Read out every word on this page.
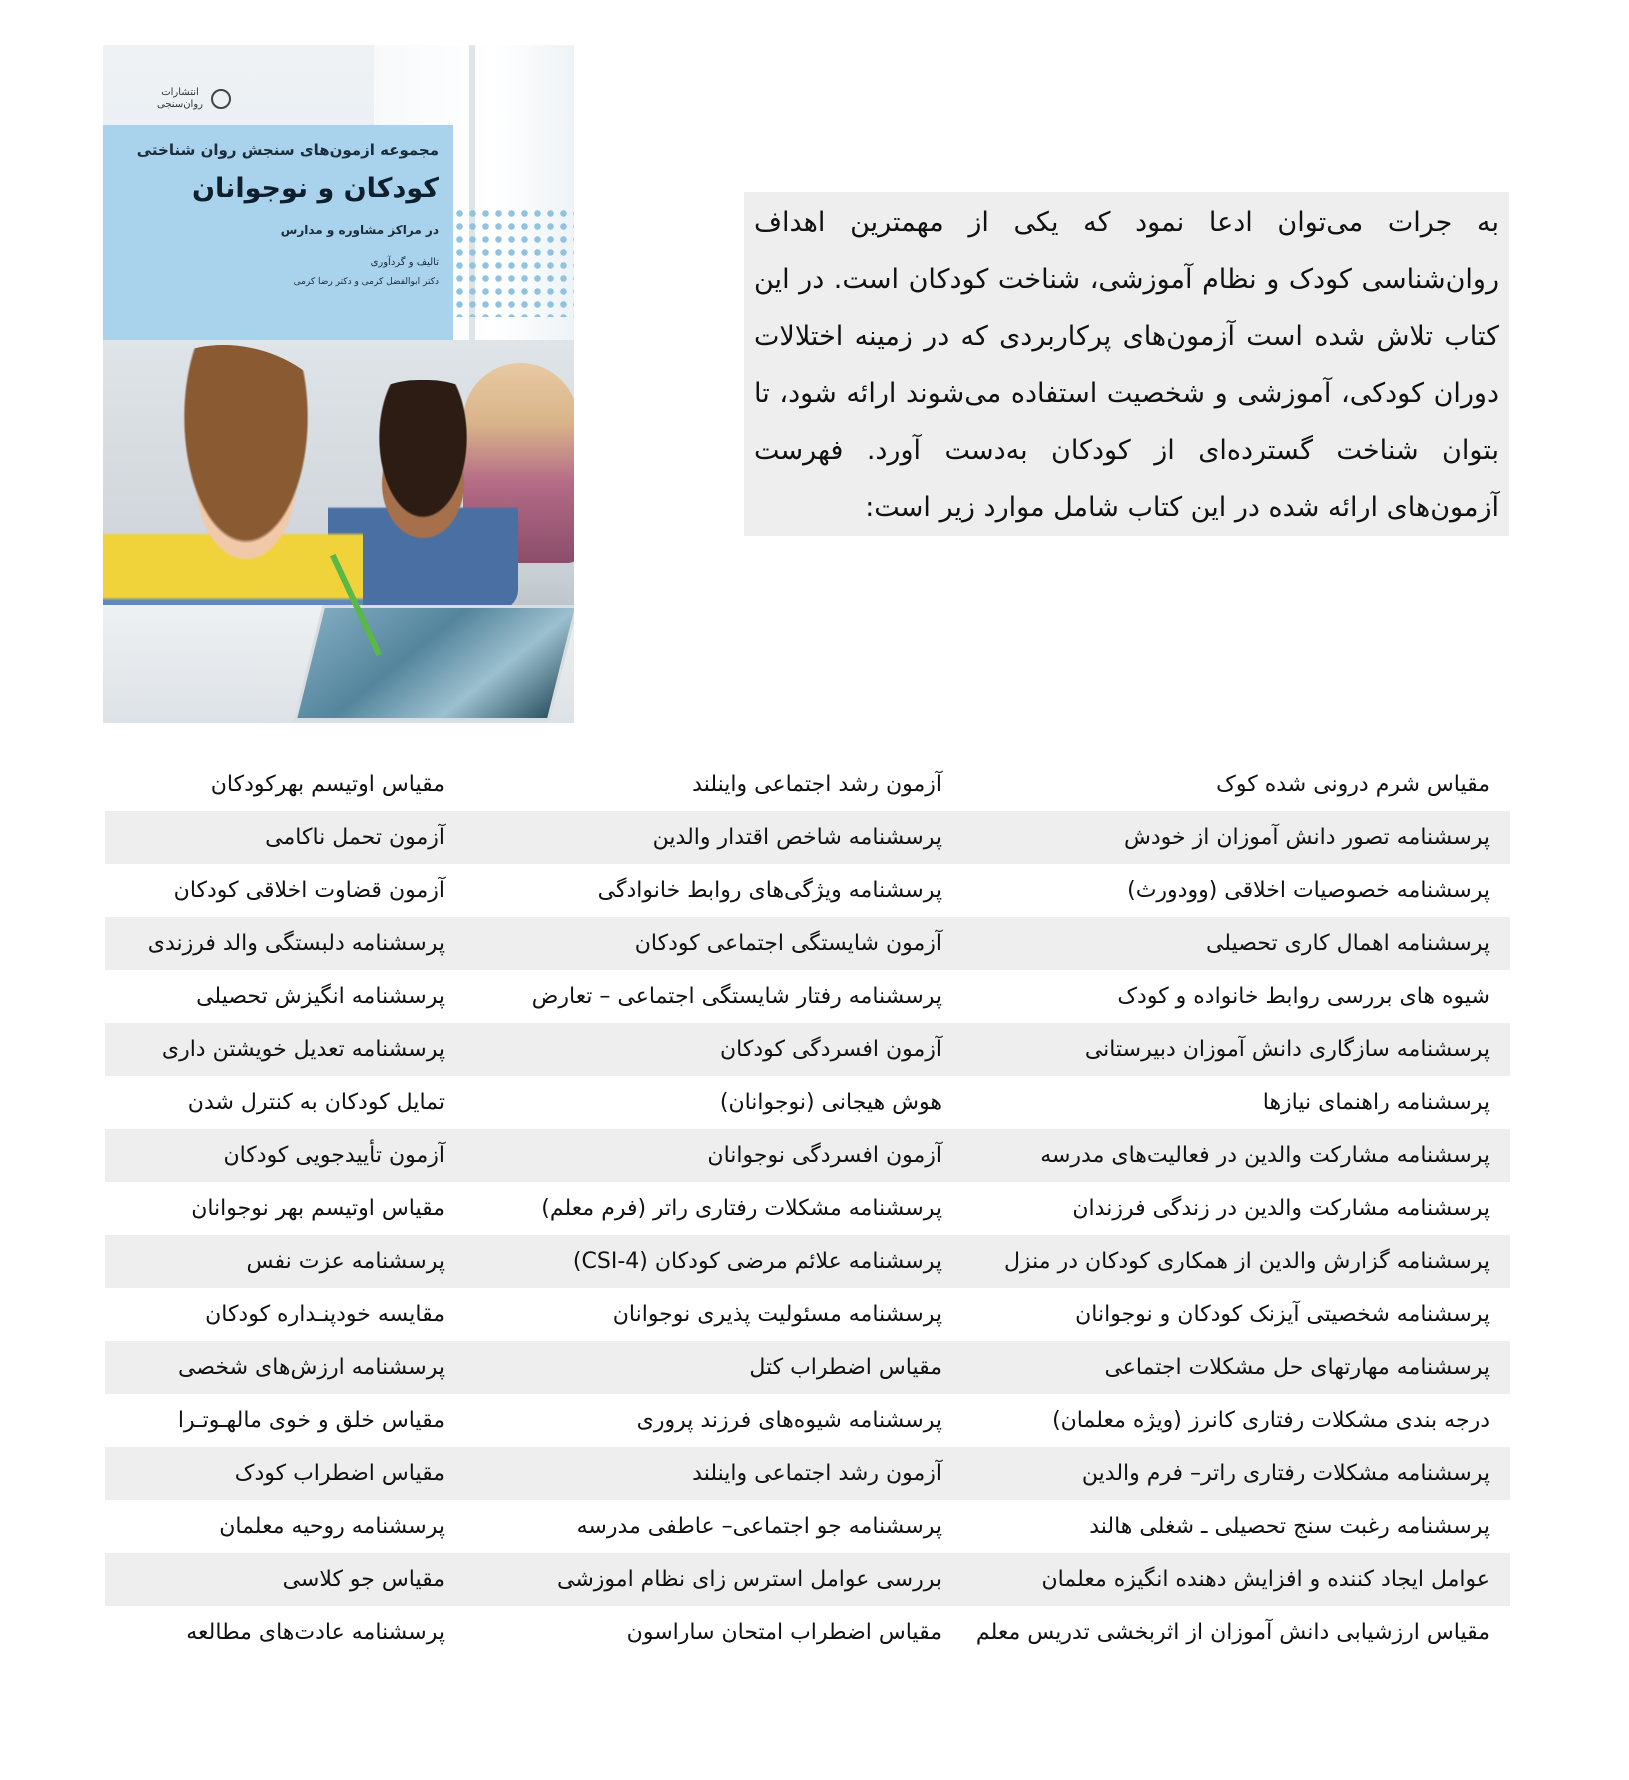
انتشارات روان‌سنجی
مجموعه ازمون‌های سنجش روان شناختی
کودکان و نوجوانان
در مراکز مشاوره و مدارس
تالیف و گردآوری
دکتر ابوالفضل کرمی و دکتر رضا کرمی
به جرات می‌توان ادعا نمود که یکی از مهمترین اهداف روان‌شناسی کودک و نظام آموزشی، شناخت کودکان است. در این کتاب تلاش شده است آزمون‌های پرکاربردی که در زمینه اختلالات دوران کودکی، آموزشی و شخصیت استفاده می‌شوند ارائه شود، تا بتوان شناخت گسترده‌ای از کودکان به‌دست آورد. فهرست آزمون‌های ارائه شده در این کتاب شامل موارد زیر است:
مقیاس شرم درونی شده کوک
آزمون رشد اجتماعی واینلند
مقیاس اوتیسم بهرکودکان
پرسشنامه تصور دانش آموزان از خودش
پرسشنامه شاخص اقتدار والدین
آزمون تحمل ناکامی
پرسشنامه خصوصیات اخلاقی (وودورث)
پرسشنامه ویژگی‌های روابط خانوادگی
آزمون قضاوت اخلاقی کودکان
پرسشنامه اهمال کاری تحصیلی
آزمون شایستگی اجتماعی کودکان
پرسشنامه دلبستگی والد فرزندی
شیوه های بررسی روابط خانواده و کودک
پرسشنامه رفتار شایستگی اجتماعی – تعارض
پرسشنامه انگیزش تحصیلی
پرسشنامه سازگاری دانش آموزان دبیرستانی
آزمون افسردگی کودکان
پرسشنامه تعدیل خویشتن داری
پرسشنامه راهنمای نیازها
هوش هیجانی (نوجوانان)
تمایل کودکان به کنترل شدن
پرسشنامه مشارکت والدین در فعالیت‌های مدرسه
آزمون افسردگی نوجوانان
آزمون تأییدجویی کودکان
پرسشنامه مشارکت والدین در زندگی فرزندان
پرسشنامه مشکلات رفتاری راتر (فرم معلم)
مقیاس اوتیسم بهر نوجوانان
پرسشنامه گزارش والدین از همکاری کودکان در منزل
پرسشنامه علائم مرضی کودکان (CSI-4)
پرسشنامه عزت نفس
پرسشنامه شخصیتی آیزنک کودکان و نوجوانان
پرسشنامه مسئولیت پذیری نوجوانان
مقایسه خودپنـداره کودکان
پرسشنامه مهارتهای حل مشکلات اجتماعی
مقیاس اضطراب کتل
پرسشنامه ارزش‌های شخصی
درجه بندی مشکلات رفتاری کانرز (ویژه معلمان)
پرسشنامه شیوه‌های فرزند پروری
مقیاس خلق و خوی مالهـوتـرا
پرسشنامه مشکلات رفتاری راتر– فرم والدین
آزمون رشد اجتماعی واینلند
مقیاس اضطراب کودک
پرسشنامه رغبت سنج تحصیلی ـ شغلی هالند
پرسشنامه جو اجتماعی– عاطفی مدرسه
پرسشنامه روحیه معلمان
عوامل ایجاد کننده و افزایش دهنده انگیزه معلمان
بررسی عوامل استرس زای نظام اموزشی
مقیاس جو کلاسی
مقیاس ارزشیابی دانش آموزان از اثربخشی تدریس معلم
مقیاس اضطراب امتحان ساراسون
پرسشنامه عادت‌های مطالعه
